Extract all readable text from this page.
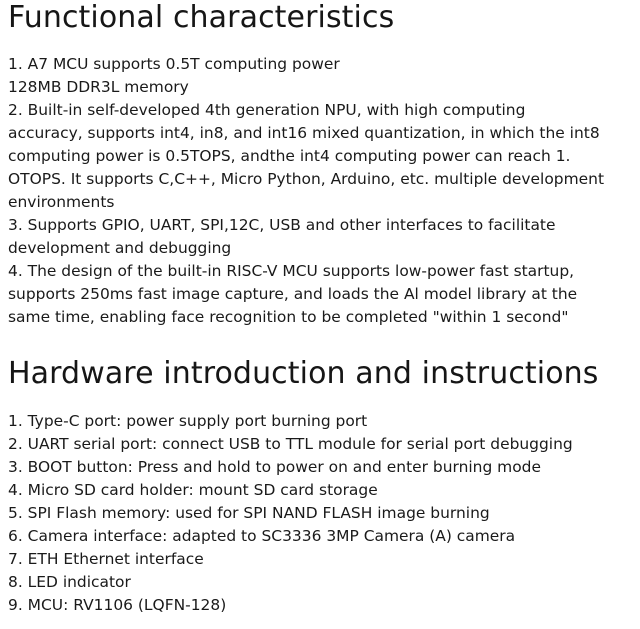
Functional characteristics
1. A7 MCU supports 0.5T computing power
128MB DDR3L memory
2. Built-in self-developed 4th generation NPU, with high computing
accuracy, supports int4, in8, and int16 mixed quantization, in which the int8
computing power is 0.5TOPS, andthe int4 computing power can reach 1.
OTOPS. It supports C,C++, Micro Python, Arduino, etc. multiple development
environments
3. Supports GPIO, UART, SPI,12C, USB and other interfaces to facilitate
development and debugging
4. The design of the built-in RISC-V MCU supports low-power fast startup,
supports 250ms fast image capture, and loads the Al model library at the
same time, enabling face recognition to be completed "within 1 second"
Hardware introduction and instructions
1. Type-C port: power supply port burning port
2. UART serial port: connect USB to TTL module for serial port debugging
3. BOOT button: Press and hold to power on and enter burning mode
4. Micro SD card holder: mount SD card storage
5. SPI Flash memory: used for SPI NAND FLASH image burning
6. Camera interface: adapted to SC3336 3MP Camera (A) camera
7. ETH Ethernet interface
8. LED indicator
9. MCU: RV1106 (LQFN-128)
